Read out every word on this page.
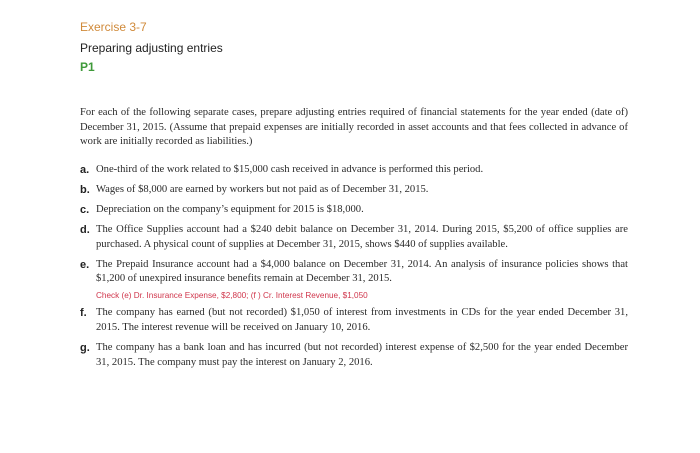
Exercise 3-7

Preparing adjusting entries

P1

For each of the following separate cases, prepare adjusting entries required of financial statements for the year ended (date of) December 31, 2015. (Assume that prepaid expenses are initially recorded in asset accounts and that fees collected in advance of work are initially recorded as liabilities.)

a. One-third of the work related to $15,000 cash received in advance is performed this period.
b. Wages of $8,000 are earned by workers but not paid as of December 31, 2015.
c. Depreciation on the company’s equipment for 2015 is $18,000.
d. The Office Supplies account had a $240 debit balance on December 31, 2014. During 2015, $5,200 of office supplies are purchased. A physical count of supplies at December 31, 2015, shows $440 of supplies available.
e. The Prepaid Insurance account had a $4,000 balance on December 31, 2014. An analysis of insurance policies shows that $1,200 of unexpired insurance benefits remain at December 31, 2015.
Check (e) Dr. Insurance Expense, $2,800; (f ) Cr. Interest Revenue, $1,050
f. The company has earned (but not recorded) $1,050 of interest from investments in CDs for the year ended December 31, 2015. The interest revenue will be received on January 10, 2016.
g. The company has a bank loan and has incurred (but not recorded) interest expense of $2,500 for the year ended December 31, 2015. The company must pay the interest on January 2, 2016.
